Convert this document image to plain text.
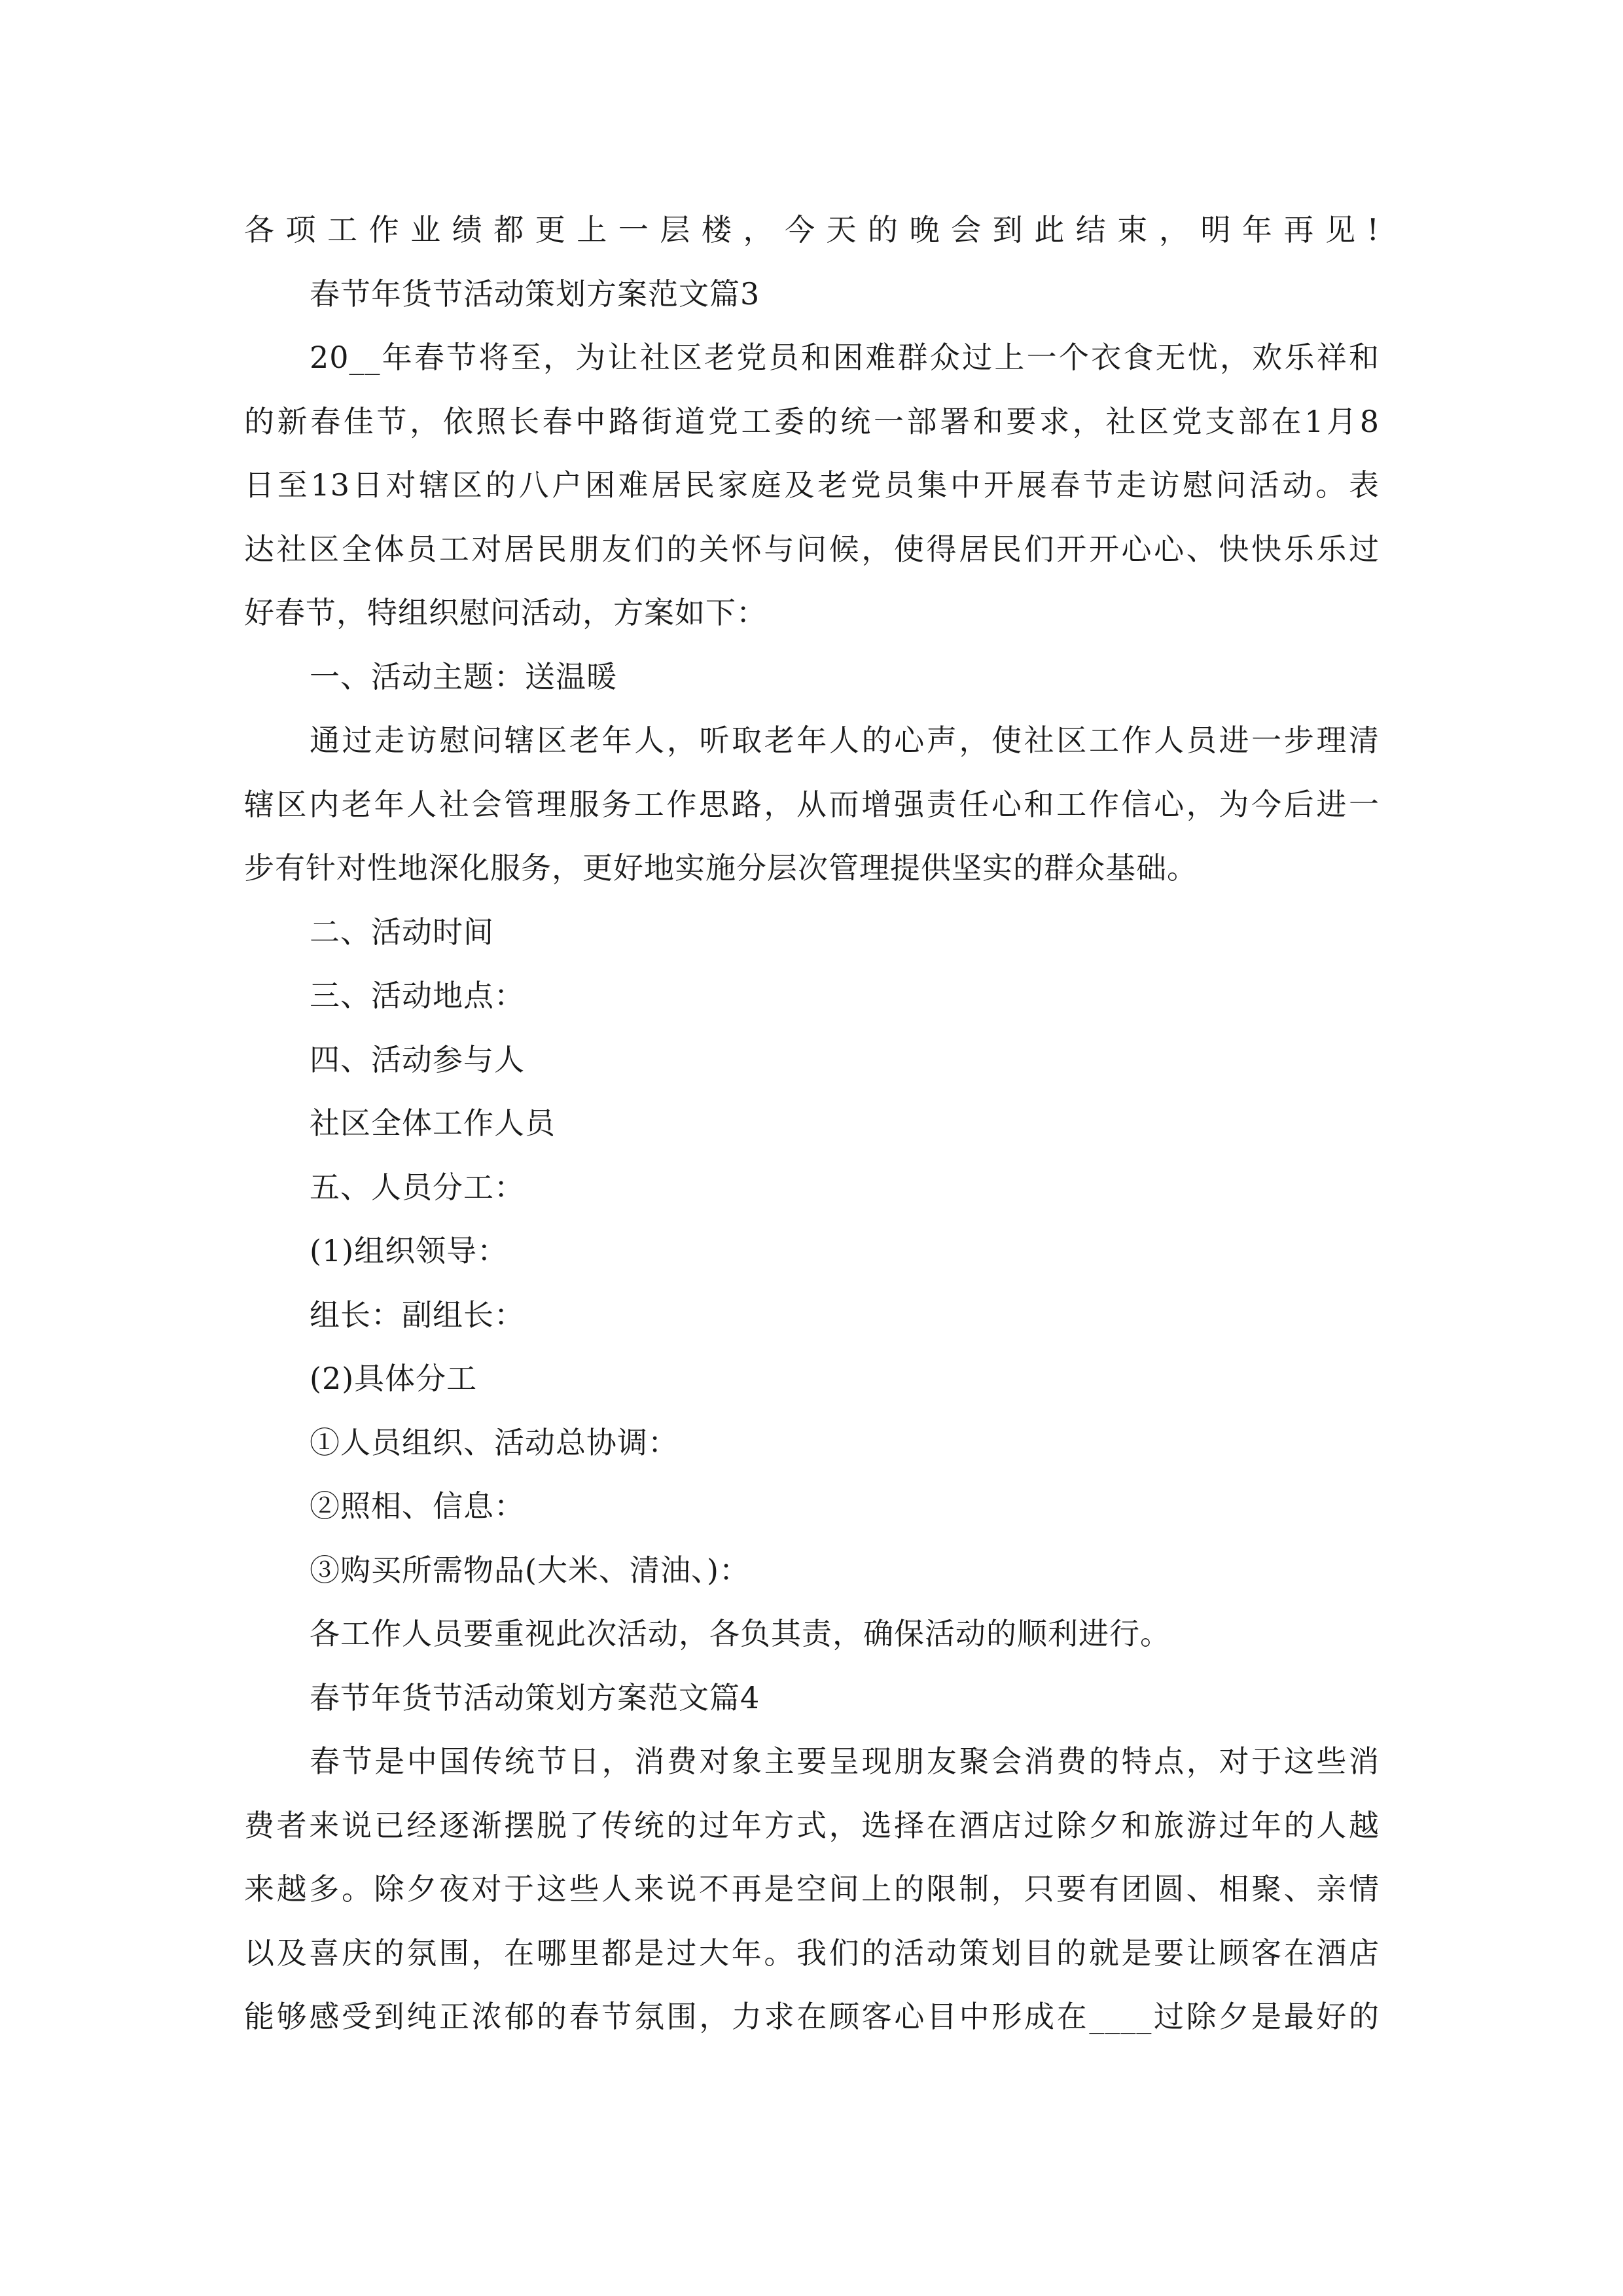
各项工作业绩都更上一层楼，今天的晚会到此结束，明年再见!
春节年货节活动策划方案范文篇3
20__年春节将至，为让社区老党员和困难群众过上一个衣食无忧，欢乐祥和
的新春佳节，依照长春中路街道党工委的统一部署和要求，社区党支部在1月8
日至13日对辖区的八户困难居民家庭及老党员集中开展春节走访慰问活动。表
达社区全体员工对居民朋友们的关怀与问候，使得居民们开开心心、快快乐乐过
好春节，特组织慰问活动，方案如下：
一、活动主题：送温暖
通过走访慰问辖区老年人，听取老年人的心声，使社区工作人员进一步理清
辖区内老年人社会管理服务工作思路，从而增强责任心和工作信心，为今后进一
步有针对性地深化服务，更好地实施分层次管理提供坚实的群众基础。
二、活动时间
三、活动地点：
四、活动参与人
社区全体工作人员
五、人员分工：
(1)组织领导：
组长：副组长：
(2)具体分工
①人员组织、活动总协调：
②照相、信息：
③购买所需物品(大米、清油、)：
各工作人员要重视此次活动，各负其责，确保活动的顺利进行。
春节年货节活动策划方案范文篇4
春节是中国传统节日，消费对象主要呈现朋友聚会消费的特点，对于这些消
费者来说已经逐渐摆脱了传统的过年方式，选择在酒店过除夕和旅游过年的人越
来越多。除夕夜对于这些人来说不再是空间上的限制，只要有团圆、相聚、亲情
以及喜庆的氛围，在哪里都是过大年。我们的活动策划目的就是要让顾客在酒店
能够感受到纯正浓郁的春节氛围，力求在顾客心目中形成在____过除夕是最好的
